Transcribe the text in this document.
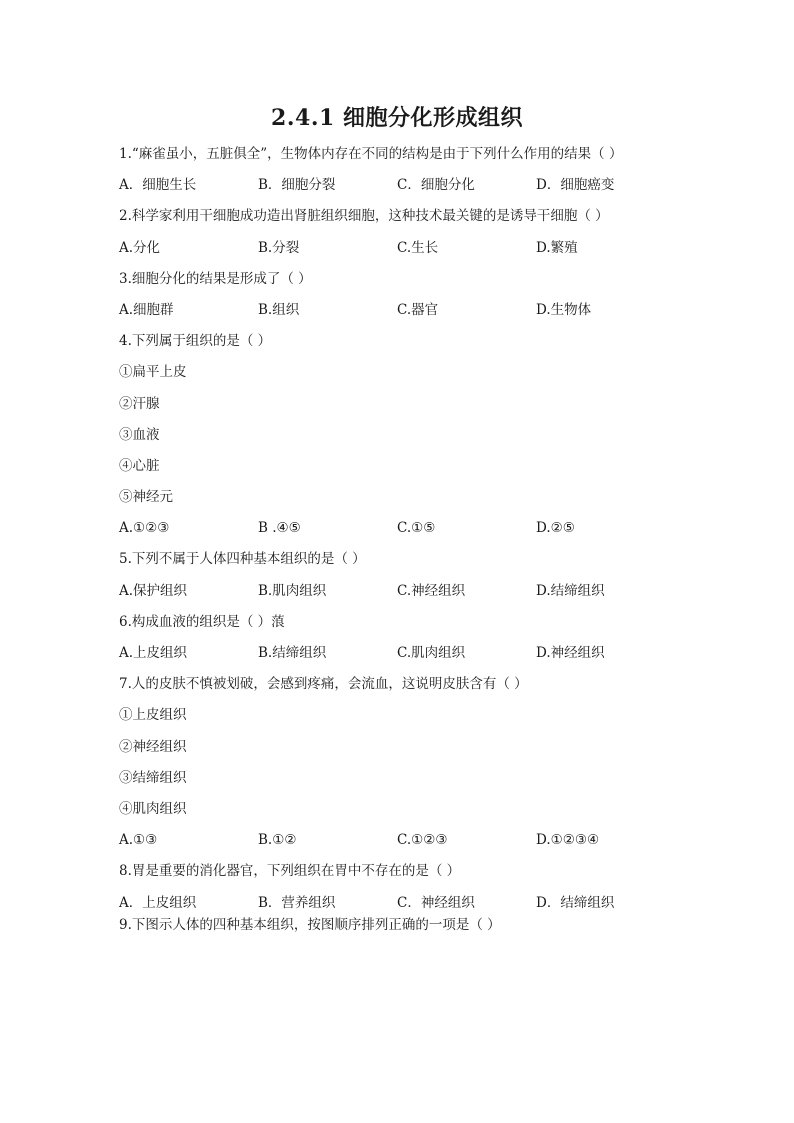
2.4.1 细胞分化形成组织
1.“麻雀虽小，五脏俱全”，生物体内存在不同的结构是由于下列什么作用的结果（ ）
A．细胞生长	B．细胞分裂	C．细胞分化	D．细胞癌变
2.科学家利用干细胞成功造出肾脏组织细胞，这种技术最关键的是诱导干细胞（ ）
A.分化	B.分裂	C.生长	D.繁殖
3.细胞分化的结果是形成了（ ）
A.细胞群	B.组织	C.器官	D.生物体
4.下列属于组织的是（ ）
①扁平上皮
②汗腺
③血液
④心脏
⑤神经元
A.①②③	B .④⑤	C.①⑤	D.②⑤
5.下列不属于人体四种基本组织的是（ ）
A.保护组织	B.肌肉组织	C.神经组织	D.结缔组织
6.构成血液的组织是（ ）蒗
A.上皮组织	B.结缔组织	C.肌肉组织	D.神经组织
7.人的皮肤不慎被划破，会感到疼痛，会流血，这说明皮肤含有（ ）
①上皮组织
②神经组织
③结缔组织
④肌肉组织
A.①③	B.①②	C.①②③	D.①②③④
8.胃是重要的消化器官，下列组织在胃中不存在的是（ ）
A．上皮组织	B．营养组织	C．神经组织	D．结缔组织
9.下图示人体的四种基本组织，按图顺序排列正确的一项是（ ）
